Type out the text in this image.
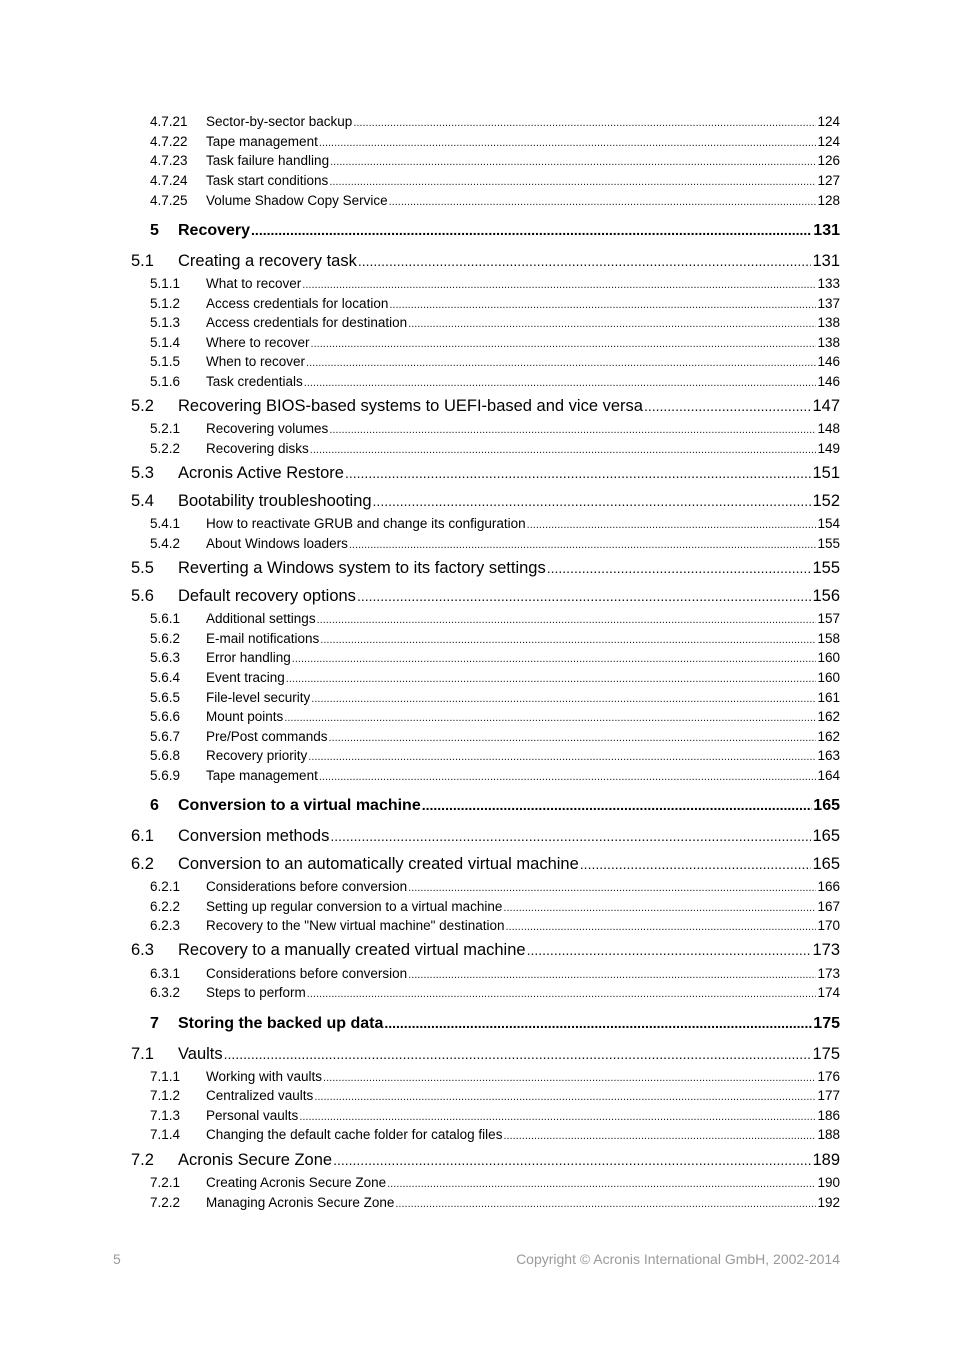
4.7.21	Sector-by-sector backup .....	124
4.7.22	Tape management .....	124
4.7.23	Task failure handling .....	126
4.7.24	Task start conditions .....	127
4.7.25	Volume Shadow Copy Service .....	128
5	Recovery .....	131
5.1	Creating a recovery task .....	131
5.1.1	What to recover .....	133
5.1.2	Access credentials for location .....	137
5.1.3	Access credentials for destination .....	138
5.1.4	Where to recover .....	138
5.1.5	When to recover .....	146
5.1.6	Task credentials .....	146
5.2	Recovering BIOS-based systems to UEFI-based and vice versa .....	147
5.2.1	Recovering volumes .....	148
5.2.2	Recovering disks .....	149
5.3	Acronis Active Restore .....	151
5.4	Bootability troubleshooting .....	152
5.4.1	How to reactivate GRUB and change its configuration .....	154
5.4.2	About Windows loaders .....	155
5.5	Reverting a Windows system to its factory settings .....	155
5.6	Default recovery options .....	156
5.6.1	Additional settings .....	157
5.6.2	E-mail notifications .....	158
5.6.3	Error handling .....	160
5.6.4	Event tracing .....	160
5.6.5	File-level security .....	161
5.6.6	Mount points .....	162
5.6.7	Pre/Post commands .....	162
5.6.8	Recovery priority .....	163
5.6.9	Tape management .....	164
6	Conversion to a virtual machine .....	165
6.1	Conversion methods .....	165
6.2	Conversion to an automatically created virtual machine .....	165
6.2.1	Considerations before conversion .....	166
6.2.2	Setting up regular conversion to a virtual machine .....	167
6.2.3	Recovery to the "New virtual machine" destination .....	170
6.3	Recovery to a manually created virtual machine .....	173
6.3.1	Considerations before conversion .....	173
6.3.2	Steps to perform .....	174
7	Storing the backed up data .....	175
7.1	Vaults .....	175
7.1.1	Working with vaults .....	176
7.1.2	Centralized vaults .....	177
7.1.3	Personal vaults .....	186
7.1.4	Changing the default cache folder for catalog files .....	188
7.2	Acronis Secure Zone .....	189
7.2.1	Creating Acronis Secure Zone .....	190
7.2.2	Managing Acronis Secure Zone .....	192
5	Copyright © Acronis International GmbH, 2002-2014
